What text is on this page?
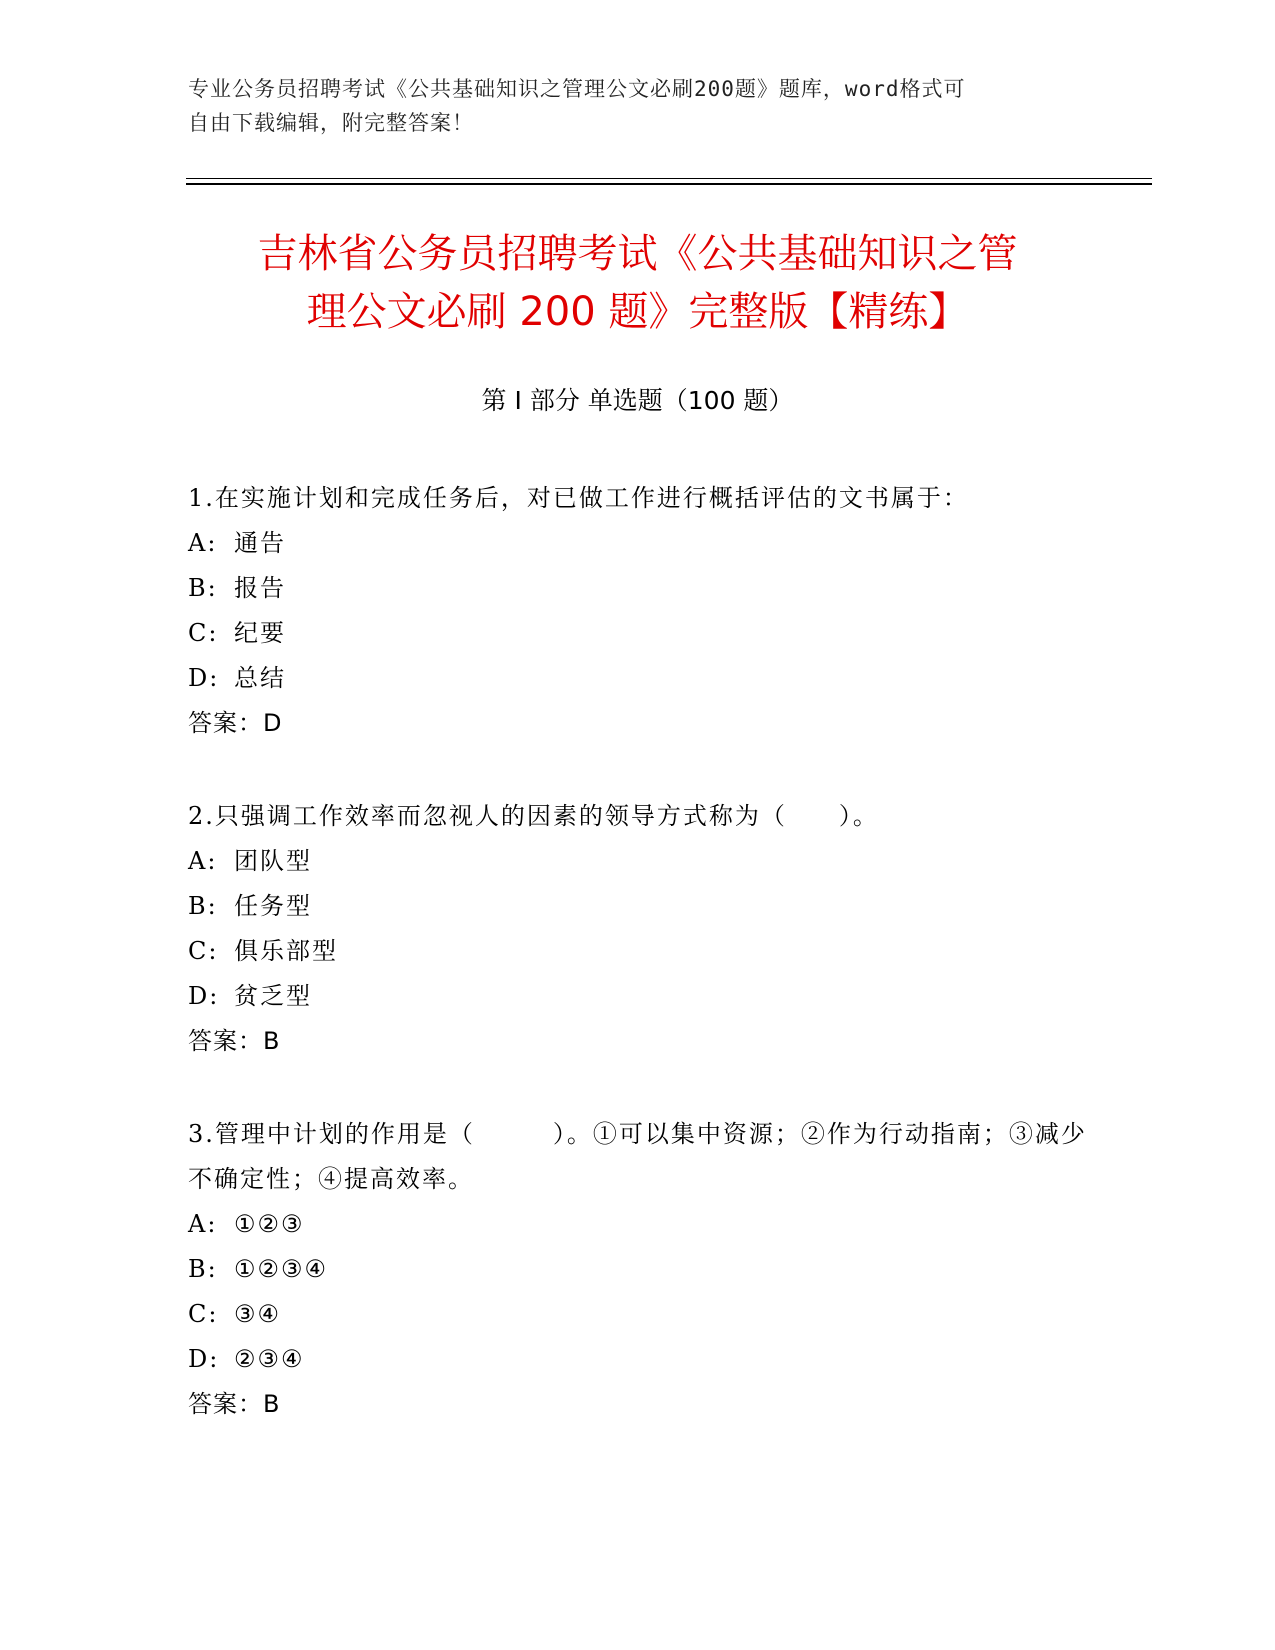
专业公务员招聘考试《公共基础知识之管理公文必刷200题》题库，word格式可
自由下载编辑，附完整答案！
吉林省公务员招聘考试《公共基础知识之管
理公文必刷 200 题》完整版【精练】
第 I 部分 单选题（100 题）

1.在实施计划和完成任务后，对已做工作进行概括评估的文书属于：

A: 通告

B: 报告

C: 纪要

D: 总结

答案：D

2.只强调工作效率而忽视人的因素的领导方式称为（　　）。

A: 团队型

B: 任务型

C: 俱乐部型

D: 贫乏型

答案：B

3.管理中计划的作用是（　　　）。①可以集中资源；②作为行动指南；③减少不确定性；④提高效率。

A: ①②③

B: ①②③④

C: ③④

D: ②③④

答案：B
